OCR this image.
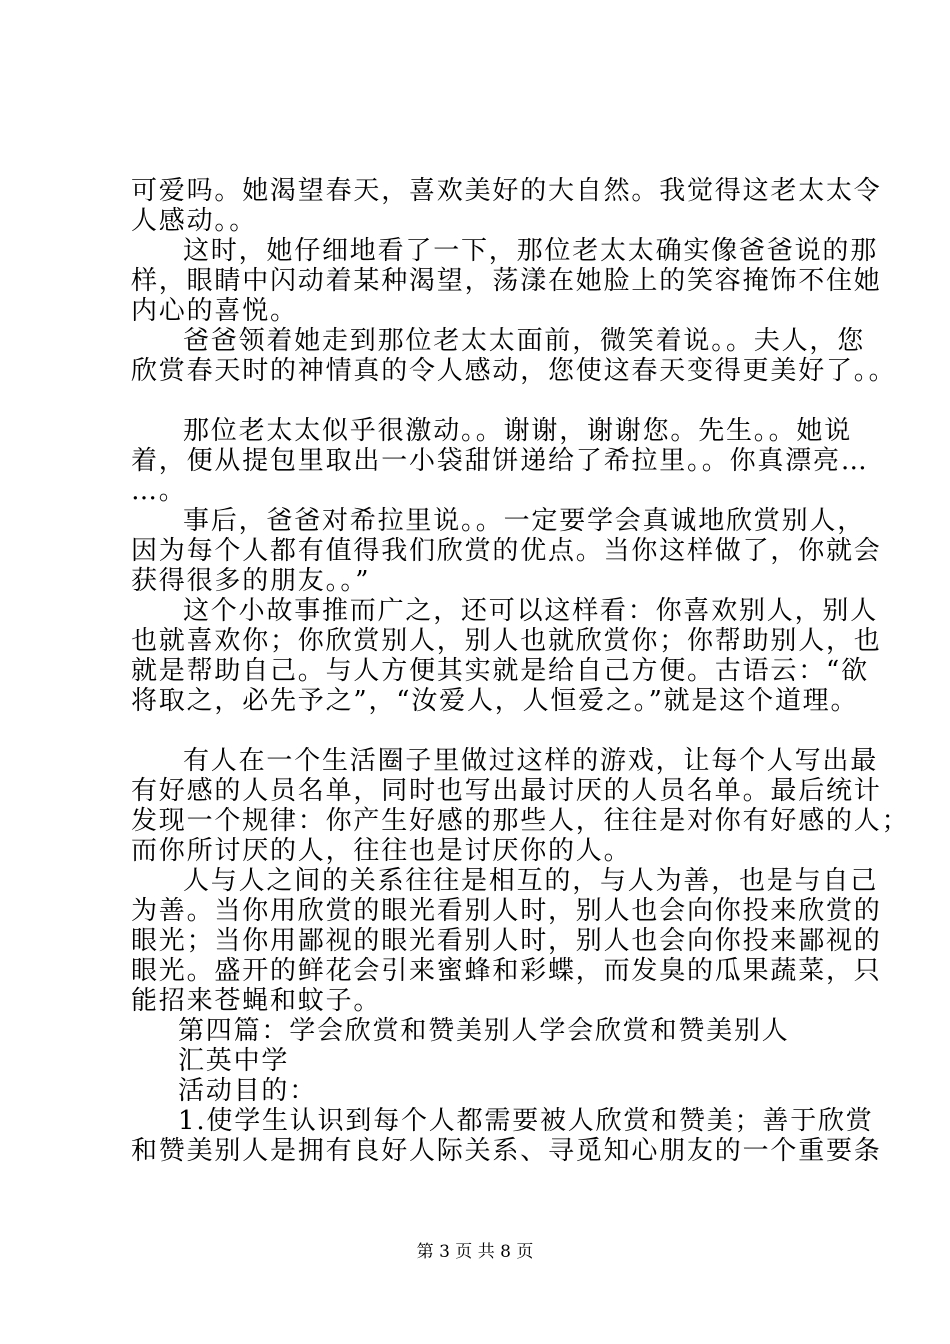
可爱吗。她渴望春天，喜欢美好的大自然。我觉得这老太太令
人感动。。
这时，她仔细地看了一下，那位老太太确实像爸爸说的那
样，眼睛中闪动着某种渴望，荡漾在她脸上的笑容掩饰不住她
内心的喜悦。
爸爸领着她走到那位老太太面前，微笑着说。。夫人，您
欣赏春天时的神情真的令人感动，您使这春天变得更美好了。。
那位老太太似乎很激动。。谢谢，谢谢您。先生。。她说
着，便从提包里取出一小袋甜饼递给了希拉里。。你真漂亮…
…。
事后，爸爸对希拉里说。。一定要学会真诚地欣赏别人，
因为每个人都有值得我们欣赏的优点。当你这样做了，你就会
获得很多的朋友。。”
这个小故事推而广之，还可以这样看：你喜欢别人，别人
也就喜欢你；你欣赏别人，别人也就欣赏你；你帮助别人，也
就是帮助自己。与人方便其实就是给自己方便。古语云：“欲
将取之，必先予之”，“汝爱人，人恒爱之。”就是这个道理。
有人在一个生活圈子里做过这样的游戏，让每个人写出最
有好感的人员名单，同时也写出最讨厌的人员名单。最后统计
发现一个规律：你产生好感的那些人，往往是对你有好感的人；
而你所讨厌的人，往往也是讨厌你的人。
人与人之间的关系往往是相互的，与人为善，也是与自己
为善。当你用欣赏的眼光看别人时，别人也会向你投来欣赏的
眼光；当你用鄙视的眼光看别人时，别人也会向你投来鄙视的
眼光。盛开的鲜花会引来蜜蜂和彩蝶，而发臭的瓜果蔬菜，只
能招来苍蝇和蚊子。
第四篇：学会欣赏和赞美别人学会欣赏和赞美别人
汇英中学
活动目的：
1.使学生认识到每个人都需要被人欣赏和赞美；善于欣赏
和赞美别人是拥有良好人际关系、寻觅知心朋友的一个重要条
第 3 页 共 8 页
